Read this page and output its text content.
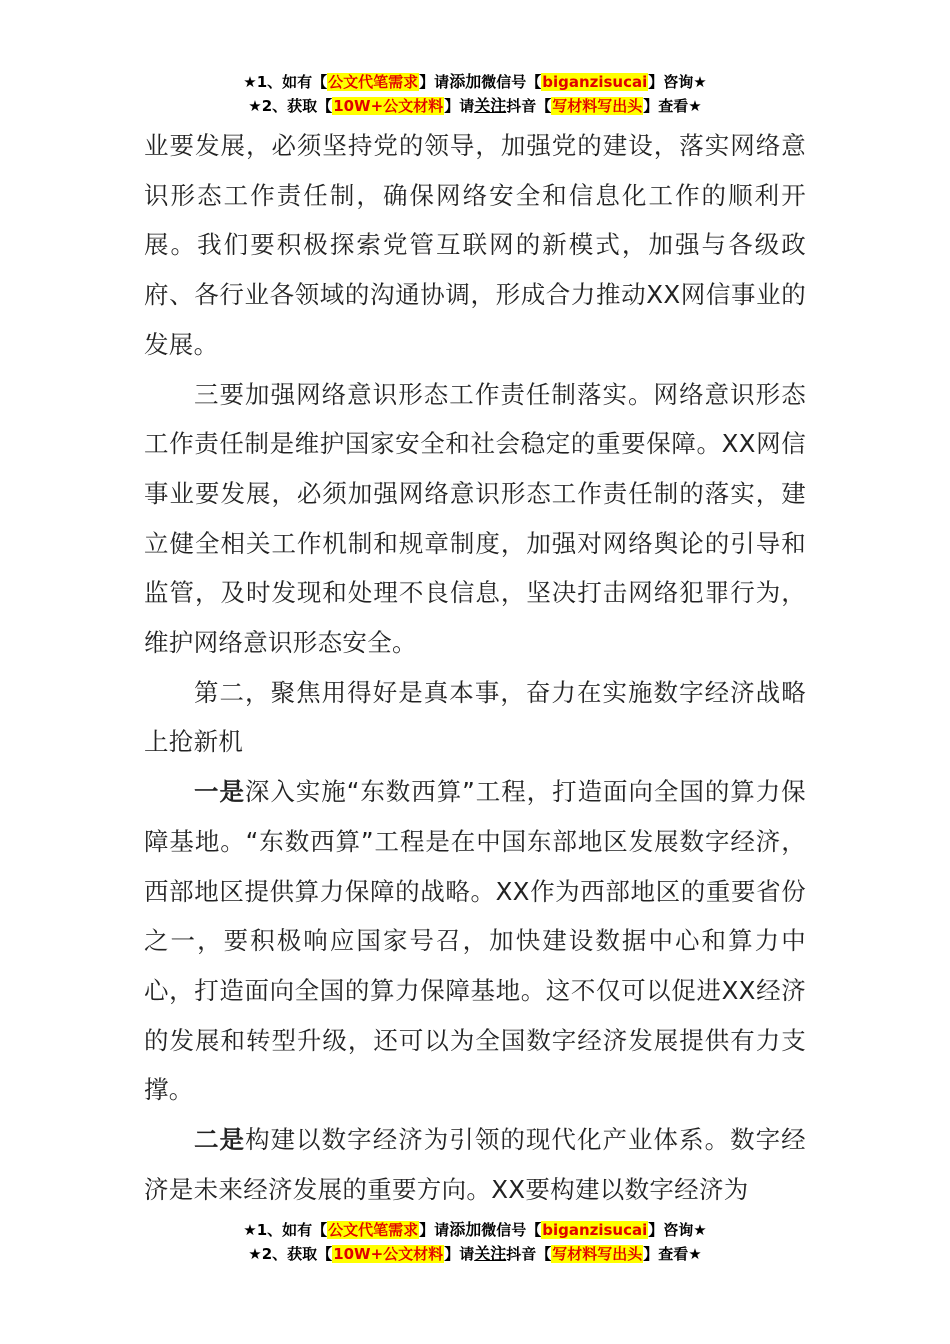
★1、如有【公文代笔需求】请添加微信号【biganzisucai】咨询★
★2、获取【10W+公文材料】请关注抖音【写材料写出头】查看★

业要发展，必须坚持党的领导，加强党的建设，落实网络意识形态工作责任制，确保网络安全和信息化工作的顺利开展。我们要积极探索党管互联网的新模式，加强与各级政府、各行业各领域的沟通协调，形成合力推动XX网信事业的发展。

三要加强网络意识形态工作责任制落实。网络意识形态工作责任制是维护国家安全和社会稳定的重要保障。XX网信事业要发展，必须加强网络意识形态工作责任制的落实，建立健全相关工作机制和规章制度，加强对网络舆论的引导和监管，及时发现和处理不良信息，坚决打击网络犯罪行为，维护网络意识形态安全。

第二，聚焦用得好是真本事，奋力在实施数字经济战略上抢新机

一是深入实施“东数西算”工程，打造面向全国的算力保障基地。“东数西算”工程是在中国东部地区发展数字经济，西部地区提供算力保障的战略。XX作为西部地区的重要省份之一，要积极响应国家号召，加快建设数据中心和算力中心，打造面向全国的算力保障基地。这不仅可以促进XX经济的发展和转型升级，还可以为全国数字经济发展提供有力支撑。

二是构建以数字经济为引领的现代化产业体系。数字经济是未来经济发展的重要方向。XX要构建以数字经济为

★1、如有【公文代笔需求】请添加微信号【biganzisucai】咨询★
★2、获取【10W+公文材料】请关注抖音【写材料写出头】查看★
